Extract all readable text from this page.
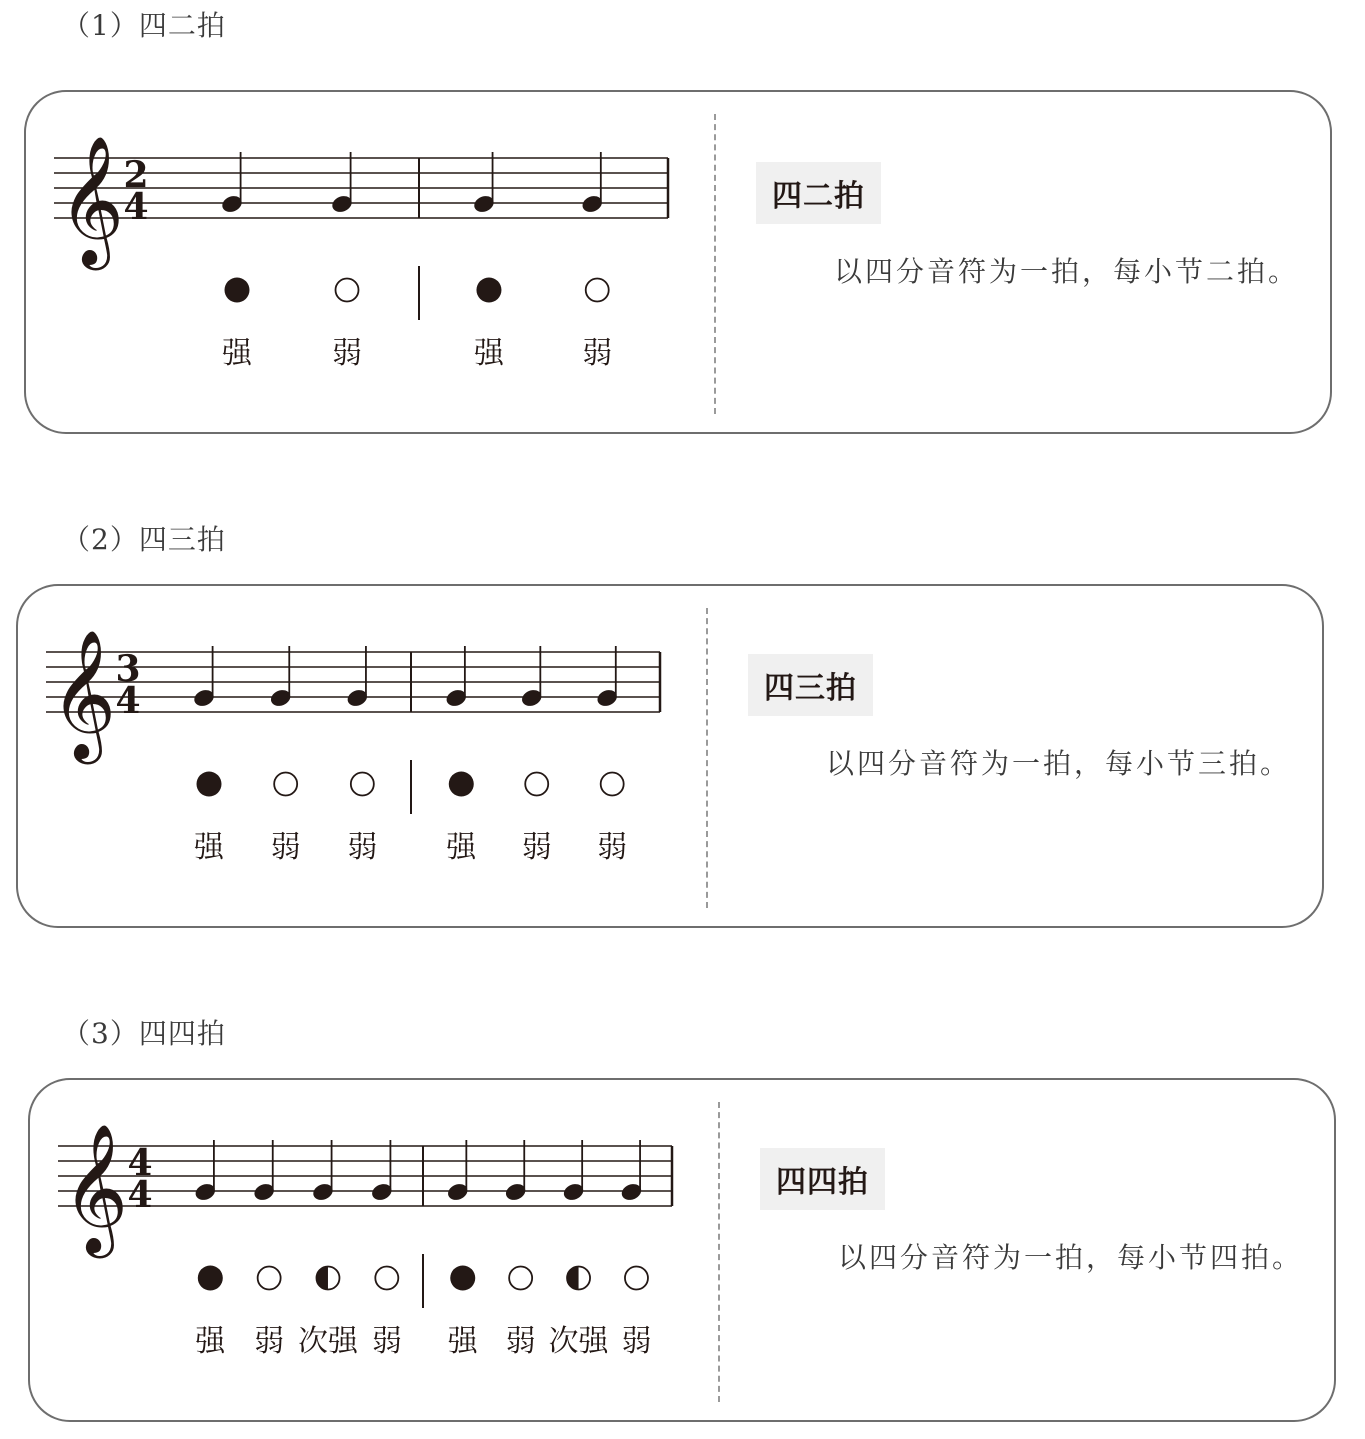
（1）四二拍
𝄞 2
4	四二拍
以四分音符为一拍，每小节二拍。
强	弱	强	弱
（2）四三拍
𝄞 3
4	四三拍
以四分音符为一拍，每小节三拍。
强 弱 弱 强 弱 弱
（3）四四拍
𝄞 4
4	四四拍
以四分音符为一拍，每小节四拍。
强 弱 次强 弱 强 弱 次强 弱
